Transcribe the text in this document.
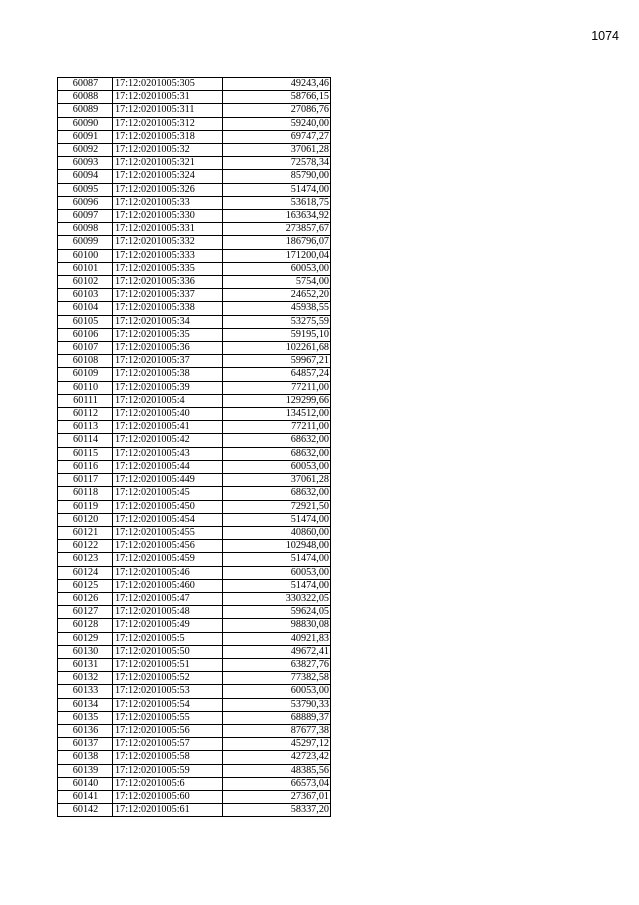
1074
60087	17:12:0201005:305	49243,46
60088	17:12:0201005:31	58766,15
60089	17:12:0201005:311	27086,76
60090	17:12:0201005:312	59240,00
60091	17:12:0201005:318	69747,27
60092	17:12:0201005:32	37061,28
60093	17:12:0201005:321	72578,34
60094	17:12:0201005:324	85790,00
60095	17:12:0201005:326	51474,00
60096	17:12:0201005:33	53618,75
60097	17:12:0201005:330	163634,92
60098	17:12:0201005:331	273857,67
60099	17:12:0201005:332	186796,07
60100	17:12:0201005:333	171200,04
60101	17:12:0201005:335	60053,00
60102	17:12:0201005:336	5754,00
60103	17:12:0201005:337	24652,20
60104	17:12:0201005:338	45938,55
60105	17:12:0201005:34	53275,59
60106	17:12:0201005:35	59195,10
60107	17:12:0201005:36	102261,68
60108	17:12:0201005:37	59967,21
60109	17:12:0201005:38	64857,24
60110	17:12:0201005:39	77211,00
60111	17:12:0201005:4	129299,66
60112	17:12:0201005:40	134512,00
60113	17:12:0201005:41	77211,00
60114	17:12:0201005:42	68632,00
60115	17:12:0201005:43	68632,00
60116	17:12:0201005:44	60053,00
60117	17:12:0201005:449	37061,28
60118	17:12:0201005:45	68632,00
60119	17:12:0201005:450	72921,50
60120	17:12:0201005:454	51474,00
60121	17:12:0201005:455	40860,00
60122	17:12:0201005:456	102948,00
60123	17:12:0201005:459	51474,00
60124	17:12:0201005:46	60053,00
60125	17:12:0201005:460	51474,00
60126	17:12:0201005:47	330322,05
60127	17:12:0201005:48	59624,05
60128	17:12:0201005:49	98830,08
60129	17:12:0201005:5	40921,83
60130	17:12:0201005:50	49672,41
60131	17:12:0201005:51	63827,76
60132	17:12:0201005:52	77382,58
60133	17:12:0201005:53	60053,00
60134	17:12:0201005:54	53790,33
60135	17:12:0201005:55	68889,37
60136	17:12:0201005:56	87677,38
60137	17:12:0201005:57	45297,12
60138	17:12:0201005:58	42723,42
60139	17:12:0201005:59	48385,56
60140	17:12:0201005:6	66573,04
60141	17:12:0201005:60	27367,01
60142	17:12:0201005:61	58337,20
